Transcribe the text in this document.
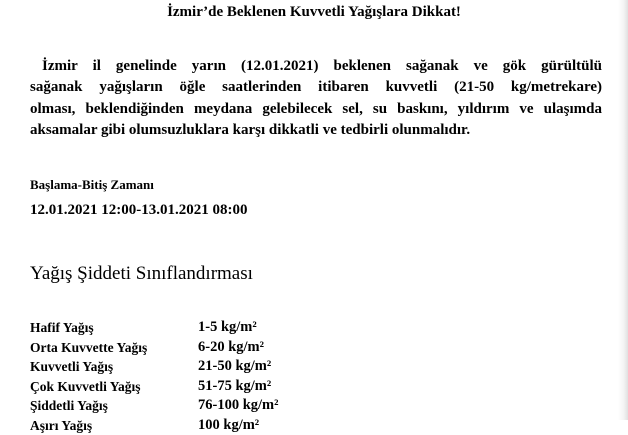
İzmir’de Beklenen Kuvvetli Yağışlara Dikkat!
İzmir il genelinde yarın (12.01.2021) beklenen sağanak ve gök gürültülü
sağanak yağışların öğle saatlerinden itibaren kuvvetli (21-50 kg/metrekare)
olması, beklendiğinden meydana gelebilecek sel, su baskını, yıldırım ve ulaşımda
aksamalar gibi olumsuzluklara karşı dikkatli ve tedbirli olunmalıdır.
Başlama-Bitiş Zamanı
12.01.2021 12:00-13.01.2021 08:00
Yağış Şiddeti Sınıflandırması
Hafif Yağış	1-5 kg/m²
Orta Kuvvette Yağış	6-20 kg/m²
Kuvvetli Yağış	21-50 kg/m²
Çok Kuvvetli Yağış	51-75 kg/m²
Şiddetli Yağış	76-100 kg/m²
Aşırı Yağış	100 kg/m²
